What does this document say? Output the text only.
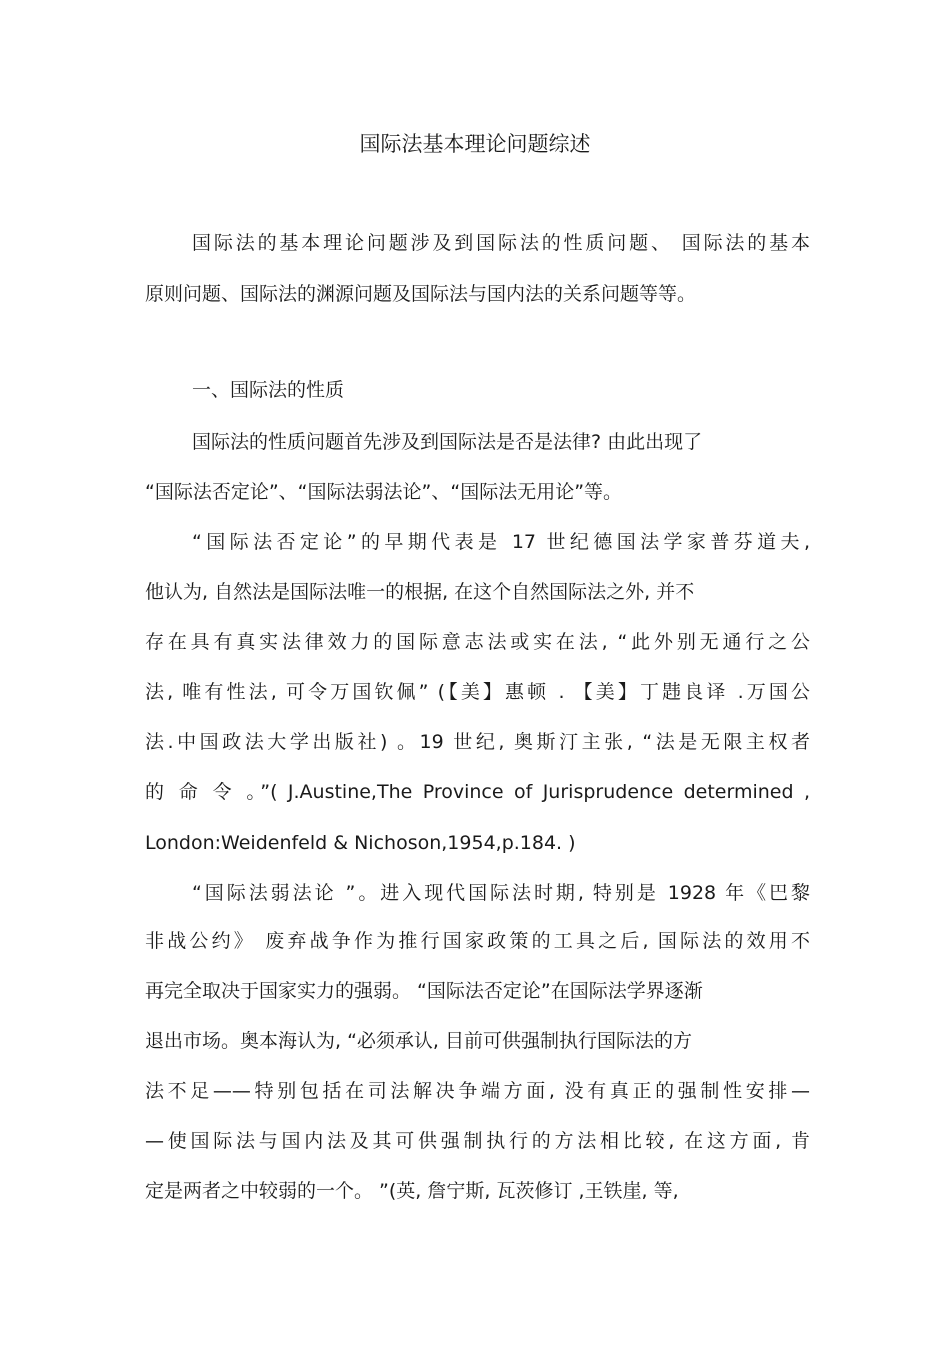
国际法基本理论问题综述
国际法的基本理论问题涉及到国际法的性质问题、 国际法的基本
原则问题、国际法的渊源问题及国际法与国内法的关系问题等等。
一、国际法的性质
国际法的性质问题首先涉及到国际法是否是法律? 由此出现了
“国际法否定论”、“国际法弱法论”、“国际法无用论”等。
“国际法否定论”的早期代表是 17 世纪德国法学家普芬道夫,
他认为, 自然法是国际法唯一的根据, 在这个自然国际法之外, 并不
存在具有真实法律效力的国际意志法或实在法, “此外别无通行之公
法, 唯有性法, 可令万国钦佩” (【美】惠顿 . 【美】丁韪良译 .万国公
法.中国政法大学出版社) 。19 世纪, 奥斯汀主张, “法是无限主权者
的 命 令 。”( J.Austine,The Province of Jurisprudence determined ,
London:Weidenfeld & Nichoson,1954,p.184. )
“国际法弱法论 ”。进入现代国际法时期, 特别是 1928 年《巴黎
非战公约》 废弃战争作为推行国家政策的工具之后, 国际法的效用不
再完全取决于国家实力的强弱。 “国际法否定论”在国际法学界逐渐
退出市场。奥本海认为, “必须承认, 目前可供强制执行国际法的方
法不足——特别包括在司法解决争端方面, 没有真正的强制性安排—
—使国际法与国内法及其可供强制执行的方法相比较, 在这方面, 肯
定是两者之中较弱的一个。 ”(英, 詹宁斯, 瓦茨修订 ,王铁崖, 等,
